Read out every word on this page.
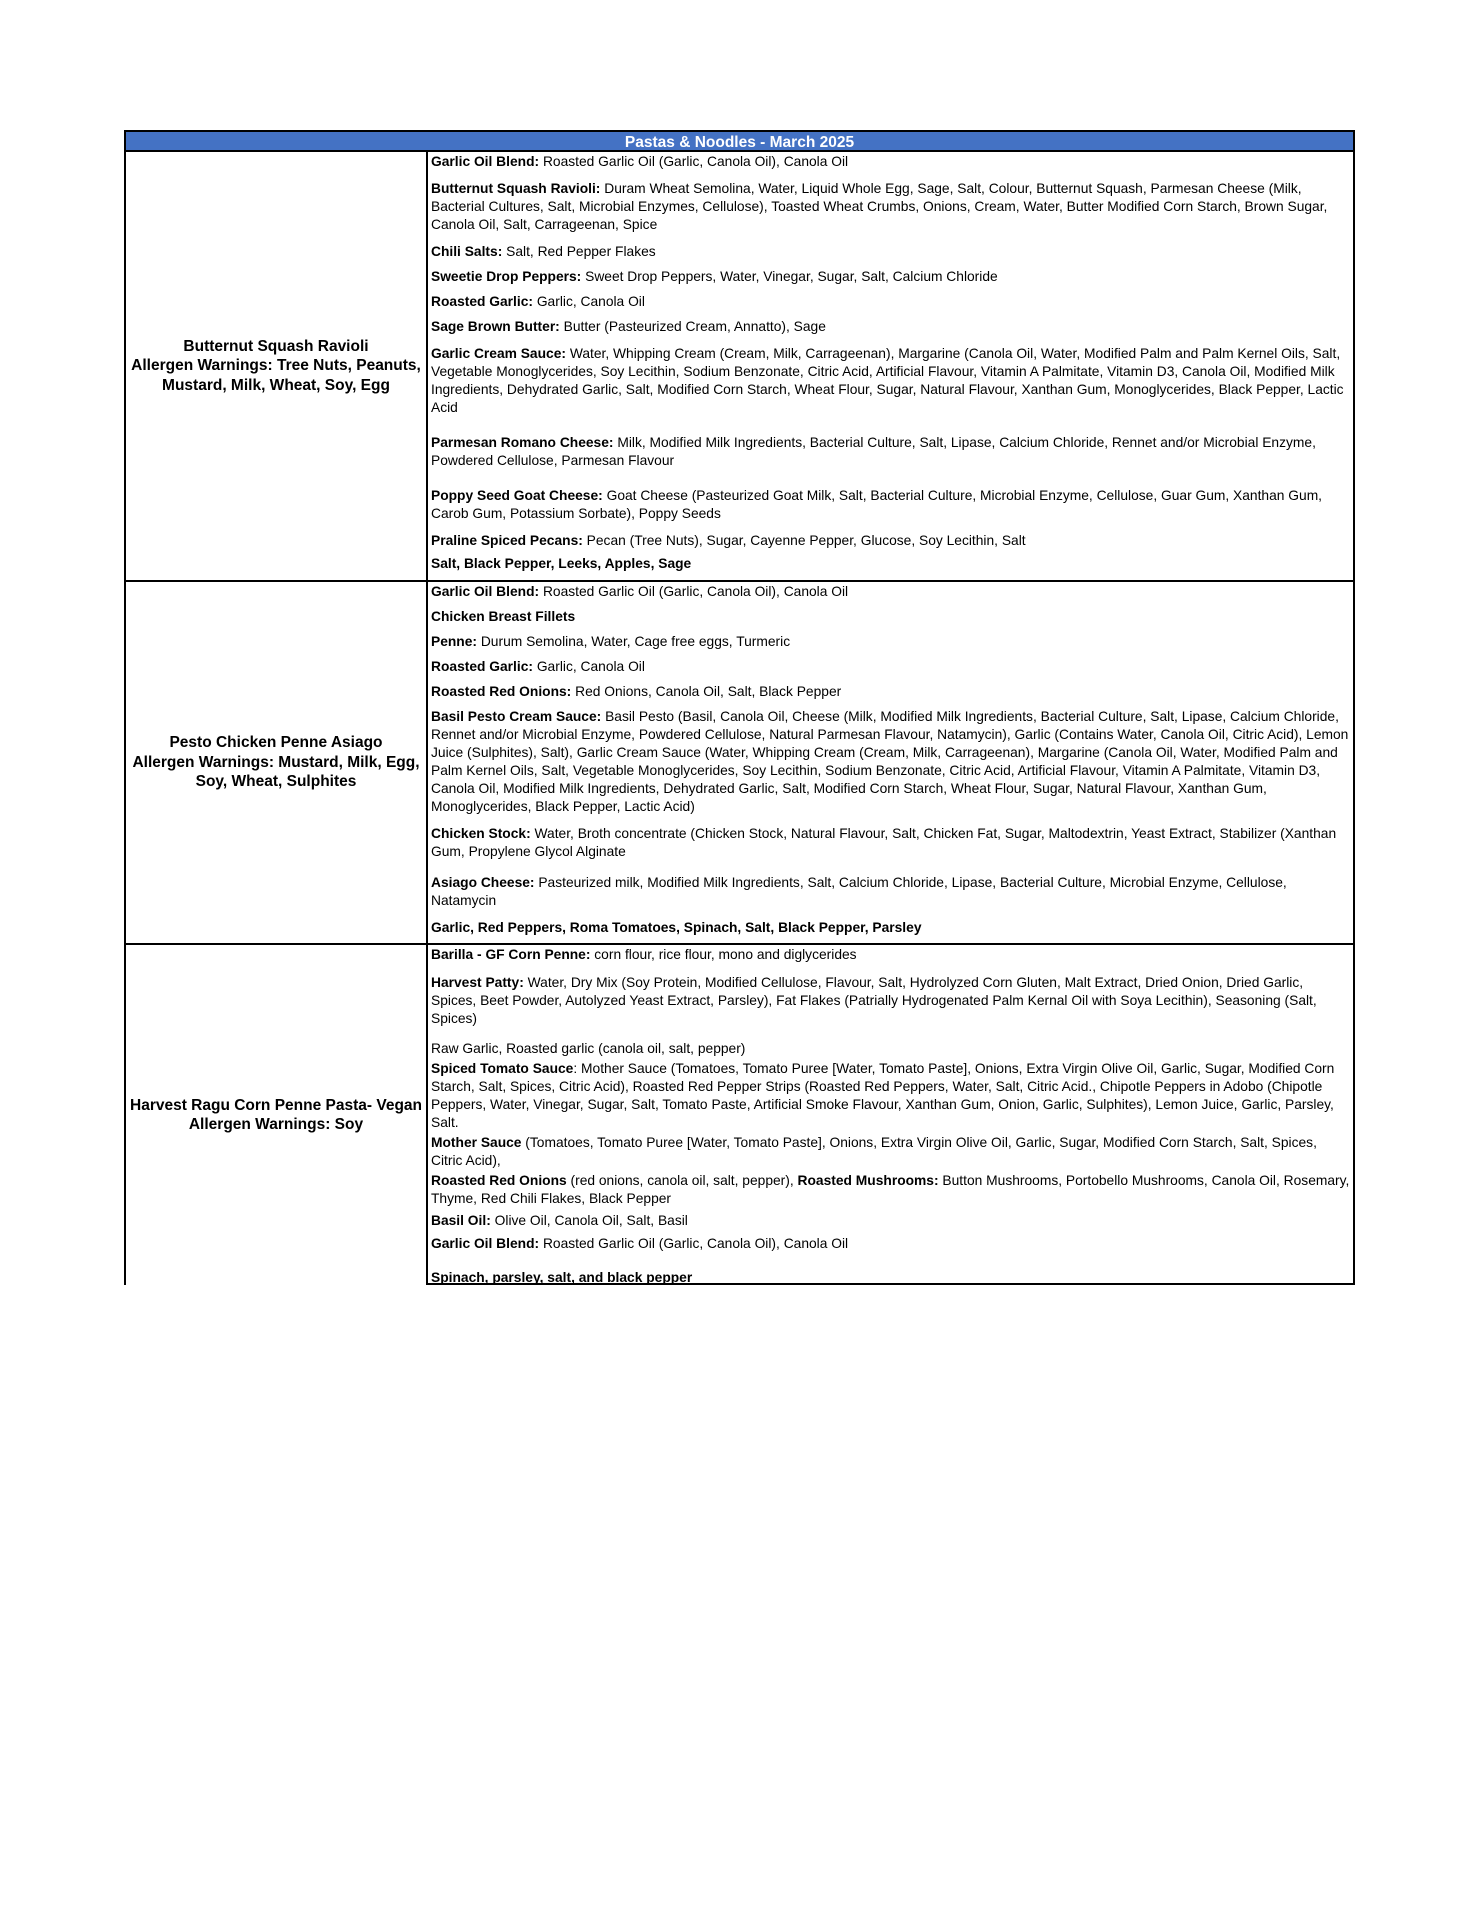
Pastas & Noodles - March 2025
Butternut Squash Ravioli
Allergen Warnings: Tree Nuts, Peanuts, Mustard, Milk, Wheat, Soy, Egg

Garlic Oil Blend: Roasted Garlic Oil (Garlic, Canola Oil), Canola Oil

Butternut Squash Ravioli: Duram Wheat Semolina, Water, Liquid Whole Egg, Sage, Salt, Colour, Butternut Squash, Parmesan Cheese (Milk, Bacterial Cultures, Salt, Microbial Enzymes, Cellulose), Toasted Wheat Crumbs, Onions, Cream, Water, Butter Modified Corn Starch, Brown Sugar, Canola Oil, Salt, Carrageenan, Spice

Chili Salts: Salt, Red Pepper Flakes

Sweetie Drop Peppers: Sweet Drop Peppers, Water, Vinegar, Sugar, Salt, Calcium Chloride

Roasted Garlic: Garlic, Canola Oil

Sage Brown Butter: Butter (Pasteurized Cream, Annatto), Sage

Garlic Cream Sauce: Water, Whipping Cream (Cream, Milk, Carrageenan), Margarine (Canola Oil, Water, Modified Palm and Palm Kernel Oils, Salt, Vegetable Monoglycerides, Soy Lecithin, Sodium Benzonate, Citric Acid, Artificial Flavour, Vitamin A Palmitate, Vitamin D3, Canola Oil, Modified Milk Ingredients, Dehydrated Garlic, Salt, Modified Corn Starch, Wheat Flour, Sugar, Natural Flavour, Xanthan Gum, Monoglycerides, Black Pepper, Lactic Acid

Parmesan Romano Cheese: Milk, Modified Milk Ingredients, Bacterial Culture, Salt, Lipase, Calcium Chloride, Rennet and/or Microbial Enzyme, Powdered Cellulose, Parmesan Flavour

Poppy Seed Goat Cheese: Goat Cheese (Pasteurized Goat Milk, Salt, Bacterial Culture, Microbial Enzyme, Cellulose, Guar Gum, Xanthan Gum, Carob Gum, Potassium Sorbate), Poppy Seeds

Praline Spiced Pecans: Pecan (Tree Nuts), Sugar, Cayenne Pepper, Glucose, Soy Lecithin, Salt

Salt, Black Pepper, Leeks, Apples, Sage

Pesto Chicken Penne Asiago
Allergen Warnings: Mustard, Milk, Egg, Soy, Wheat, Sulphites

Garlic Oil Blend: Roasted Garlic Oil (Garlic, Canola Oil), Canola Oil

Chicken Breast Fillets

Penne: Durum Semolina, Water, Cage free eggs, Turmeric

Roasted Garlic: Garlic, Canola Oil

Roasted Red Onions: Red Onions, Canola Oil, Salt, Black Pepper

Basil Pesto Cream Sauce: Basil Pesto (Basil, Canola Oil, Cheese (Milk, Modified Milk Ingredients, Bacterial Culture, Salt, Lipase, Calcium Chloride, Rennet and/or Microbial Enzyme, Powdered Cellulose, Natural Parmesan Flavour, Natamycin), Garlic (Contains Water, Canola Oil, Citric Acid), Lemon Juice (Sulphites), Salt), Garlic Cream Sauce (Water, Whipping Cream (Cream, Milk, Carrageenan), Margarine (Canola Oil, Water, Modified Palm and Palm Kernel Oils, Salt, Vegetable Monoglycerides, Soy Lecithin, Sodium Benzonate, Citric Acid, Artificial Flavour, Vitamin A Palmitate, Vitamin D3, Canola Oil, Modified Milk Ingredients, Dehydrated Garlic, Salt, Modified Corn Starch, Wheat Flour, Sugar, Natural Flavour, Xanthan Gum, Monoglycerides, Black Pepper, Lactic Acid)

Chicken Stock: Water, Broth concentrate (Chicken Stock, Natural Flavour, Salt, Chicken Fat, Sugar, Maltodextrin, Yeast Extract, Stabilizer (Xanthan Gum, Propylene Glycol Alginate

Asiago Cheese: Pasteurized milk, Modified Milk Ingredients, Salt, Calcium Chloride, Lipase, Bacterial Culture, Microbial Enzyme, Cellulose, Natamycin

Garlic, Red Peppers, Roma Tomatoes, Spinach, Salt, Black Pepper, Parsley

Harvest Ragu Corn Penne Pasta- Vegan
Allergen Warnings: Soy

Barilla - GF Corn Penne: corn flour, rice flour, mono and diglycerides

Harvest Patty: Water, Dry Mix (Soy Protein, Modified Cellulose, Flavour, Salt, Hydrolyzed Corn Gluten, Malt Extract, Dried Onion, Dried Garlic, Spices, Beet Powder, Autolyzed Yeast Extract, Parsley), Fat Flakes (Patrially Hydrogenated Palm Kernal Oil with Soya Lecithin), Seasoning (Salt, Spices)

Raw Garlic, Roasted garlic (canola oil, salt, pepper)

Spiced Tomato Sauce: Mother Sauce (Tomatoes, Tomato Puree [Water, Tomato Paste], Onions, Extra Virgin Olive Oil, Garlic, Sugar, Modified Corn Starch, Salt, Spices, Citric Acid), Roasted Red Pepper Strips (Roasted Red Peppers, Water, Salt, Citric Acid., Chipotle Peppers in Adobo (Chipotle Peppers, Water, Vinegar, Sugar, Salt, Tomato Paste, Artificial Smoke Flavour, Xanthan Gum, Onion, Garlic, Sulphites), Lemon Juice, Garlic, Parsley, Salt.

Mother Sauce (Tomatoes, Tomato Puree [Water, Tomato Paste], Onions, Extra Virgin Olive Oil, Garlic, Sugar, Modified Corn Starch, Salt, Spices, Citric Acid),

Roasted Red Onions (red onions, canola oil, salt, pepper), Roasted Mushrooms: Button Mushrooms, Portobello Mushrooms, Canola Oil, Rosemary, Thyme, Red Chili Flakes, Black Pepper

Basil Oil: Olive Oil, Canola Oil, Salt, Basil

Garlic Oil Blend: Roasted Garlic Oil (Garlic, Canola Oil), Canola Oil

Spinach, parsley, salt, and black pepper
